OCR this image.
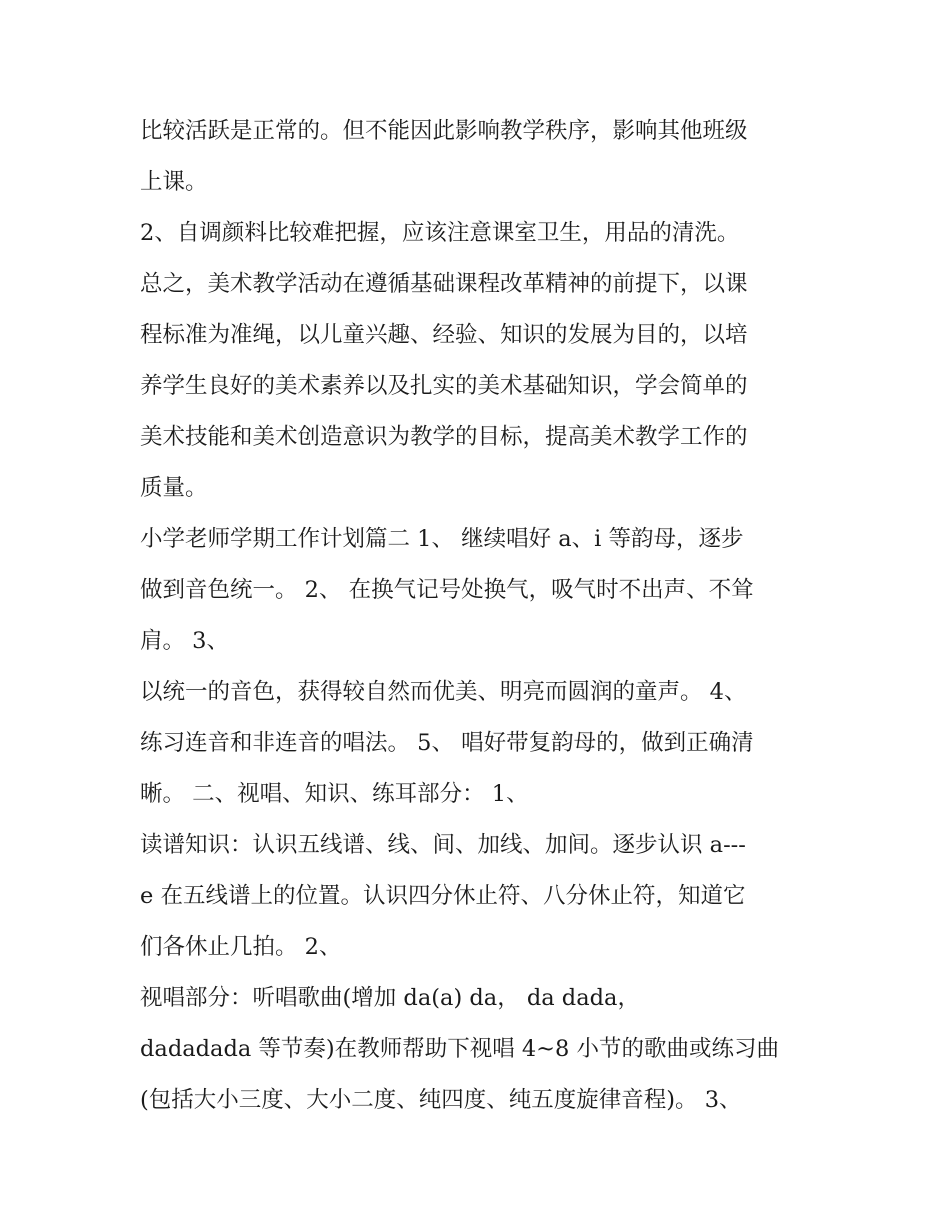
比较活跃是正常的。但不能因此影响教学秩序，影响其他班级
上课。
2、自调颜料比较难把握，应该注意课室卫生，用品的清洗。
总之，美术教学活动在遵循基础课程改革精神的前提下，以课
程标准为准绳，以儿童兴趣、经验、知识的发展为目的，以培
养学生良好的美术素养以及扎实的美术基础知识，学会简单的
美术技能和美术创造意识为教学的目标，提高美术教学工作的
质量。
小学老师学期工作计划篇二 1、 继续唱好 a、i 等韵母，逐步
做到音色统一。 2、 在换气记号处换气，吸气时不出声、不耸
肩。 3、
以统一的音色，获得较自然而优美、明亮而圆润的童声。 4、
练习连音和非连音的唱法。 5、 唱好带复韵母的，做到正确清
晰。 二、视唱、知识、练耳部分： 1、
读谱知识：认识五线谱、线、间、加线、加间。逐步认识 a---
e 在五线谱上的位置。认识四分休止符、八分休止符，知道它
们各休止几拍。 2、
视唱部分：听唱歌曲(增加 da(a) da， da dada，
dadadada 等节奏)在教师帮助下视唱 4~8 小节的歌曲或练习曲
(包括大小三度、大小二度、纯四度、纯五度旋律音程)。 3、
